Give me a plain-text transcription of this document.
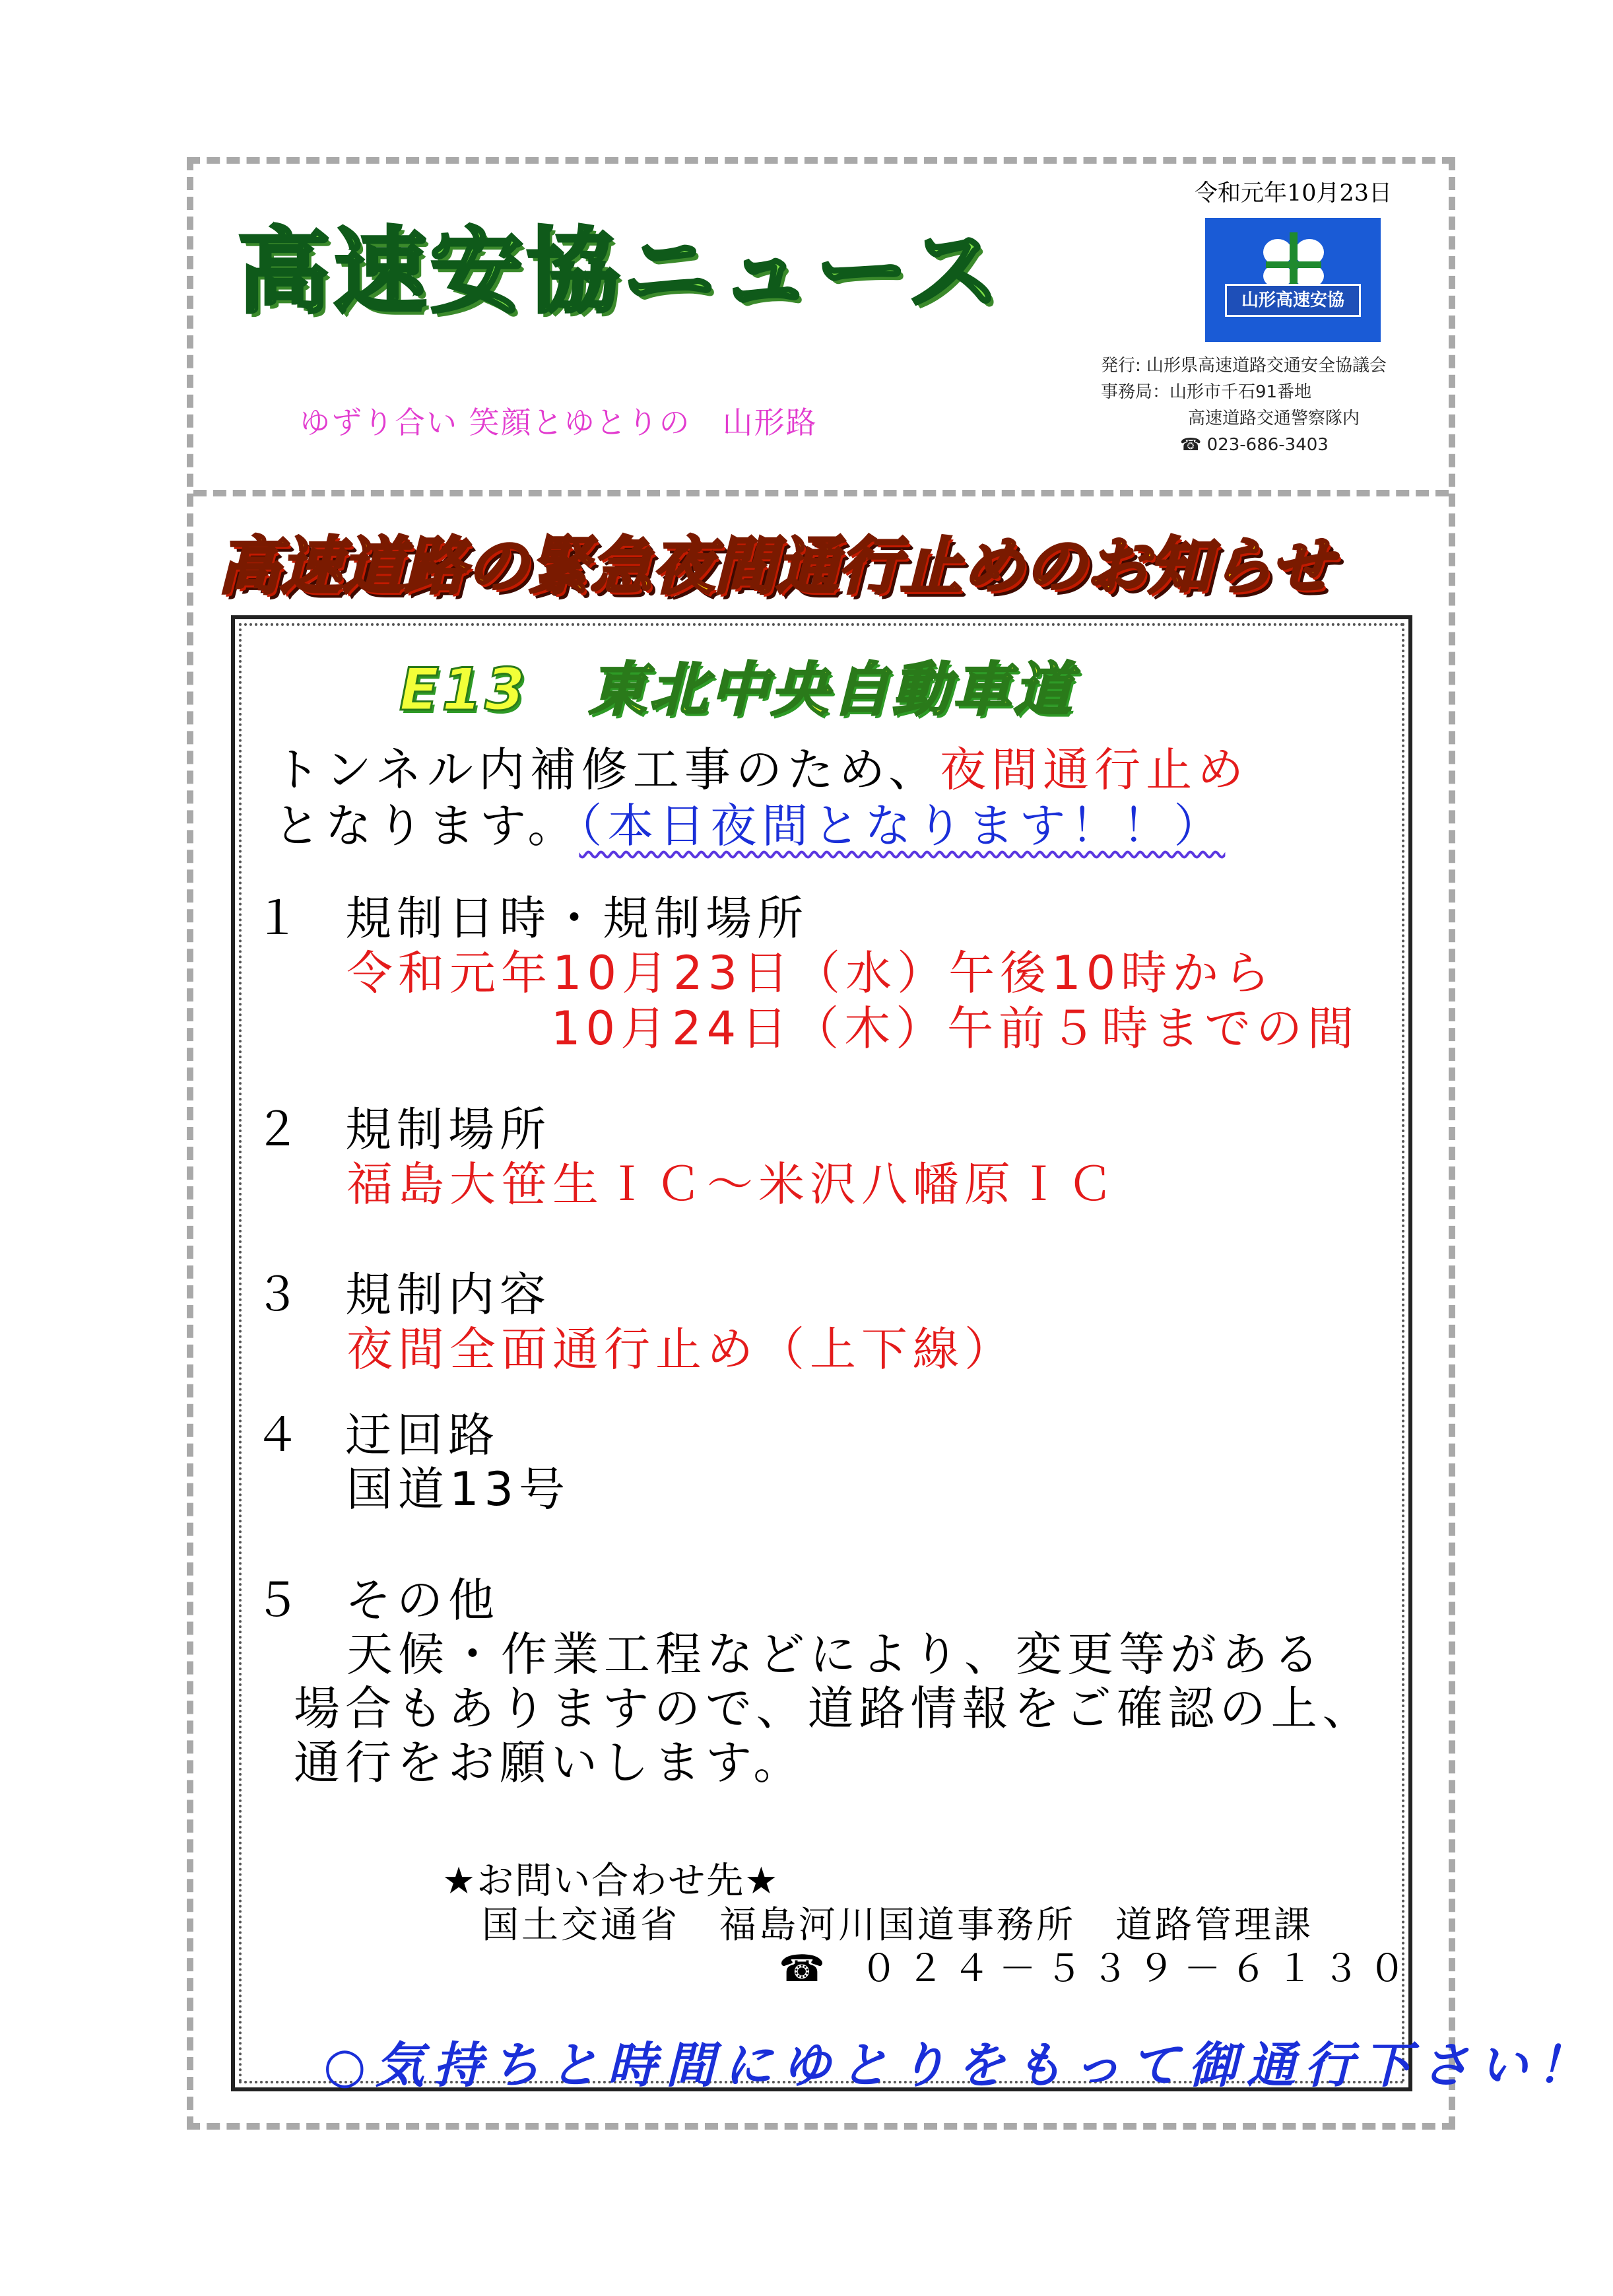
高速安協ニュース
令和元年10月23日
山形高速安協
発行: 山形県高速道路交通安全協議会
事務局：山形市千石91番地
高速道路交通警察隊内
☎ 023-686-3403
ゆずり合い 笑顔とゆとりの　山形路
高速道路の緊急夜間通行止めのお知らせ
E13　東北中央自動車道
トンネル内補修工事のため、夜間通行止め
となります。（本日夜間となります！！）
１ 規制日時・規制場所
令和元年10月23日（水）午後10時から
10月24日（木）午前５時までの間
２ 規制場所
福島大笹生ＩＣ～米沢八幡原ＩＣ
３ 規制内容
夜間全面通行止め（上下線）
４ 迂回路
国道13号
５ その他
天候・作業工程などにより、変更等がある
場合もありますので、道路情報をご確認の上、
通行をお願いします。
★お問い合わせ先★
国土交通省　福島河川国道事務所　道路管理課
☎ ０２４－５３９－６１３０
○気持ちと時間にゆとりをもって御通行下さい！
